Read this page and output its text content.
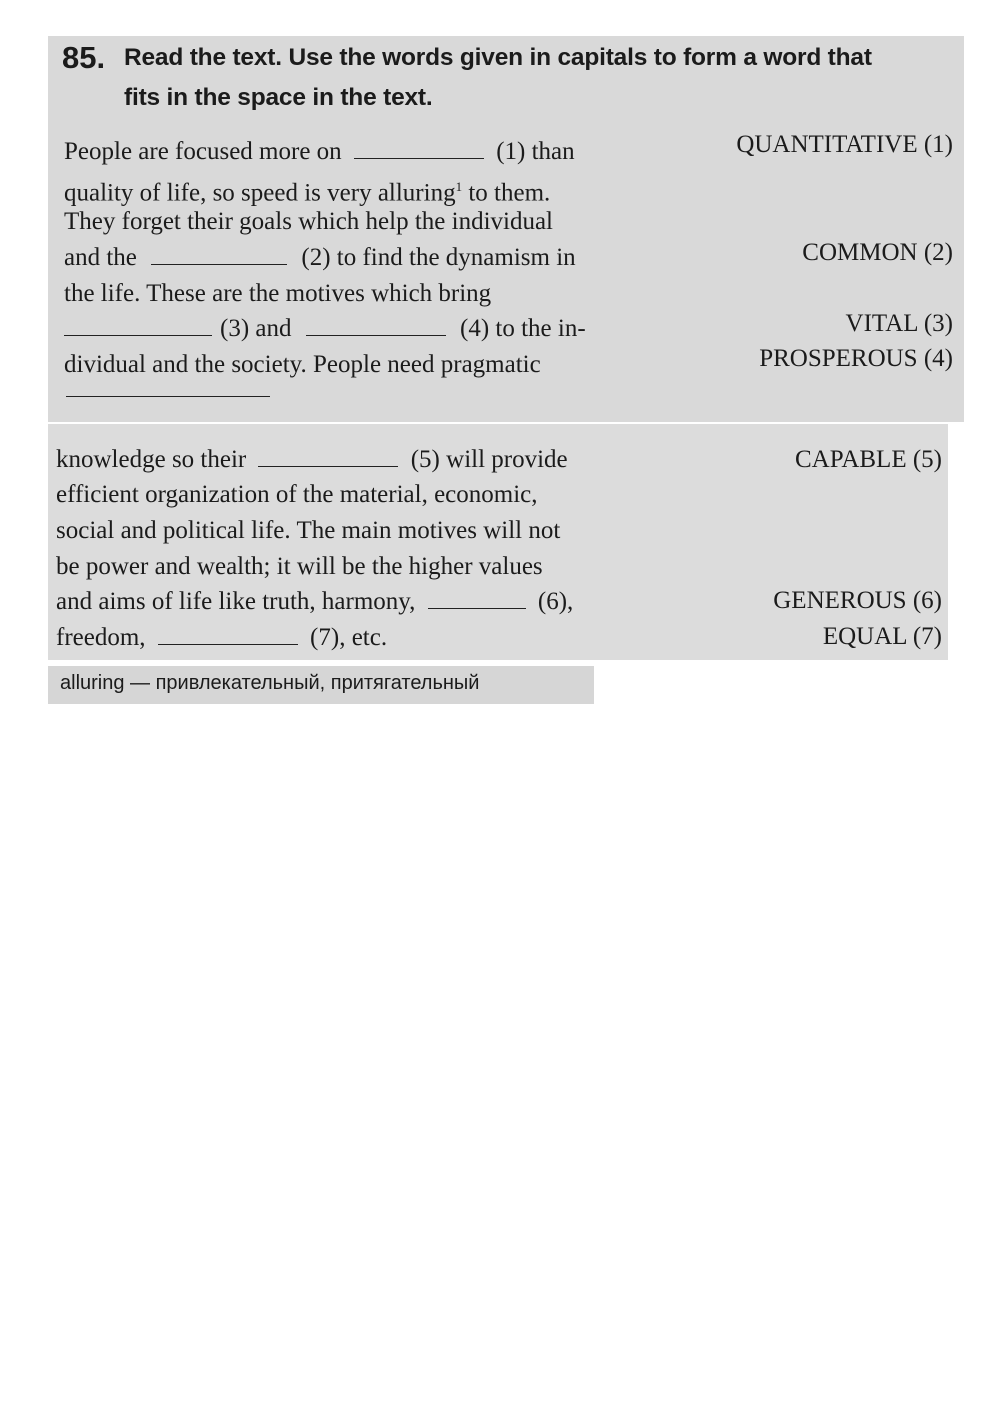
85. Read the text. Use the words given in capitals to form a word that
fits in the space in the text.
People are focused more on	(1) than
quality of life, so speed is very alluring$^1$ to them.
They forget their goals which help the individual
and the	(2) to find the dynamism in
the life. These are the motives which bring
(3) and	(4) to the in-
dividual and the society. People need pragmatic
knowledge so their	(5) will provide
efficient organization of the material, economic,
social and political life. The main motives will not
be power and wealth; it will be the higher values
and aims of life like truth, harmony,	(6),
freedom,	(7), etc.
QUANTITATIVE (1)
COMMON (2)
VITAL (3)
PROSPEROUS (4)
CAPABLE (5)
GENEROUS (6)
EQUAL (7)
alluring — привлекательный, притягательный
